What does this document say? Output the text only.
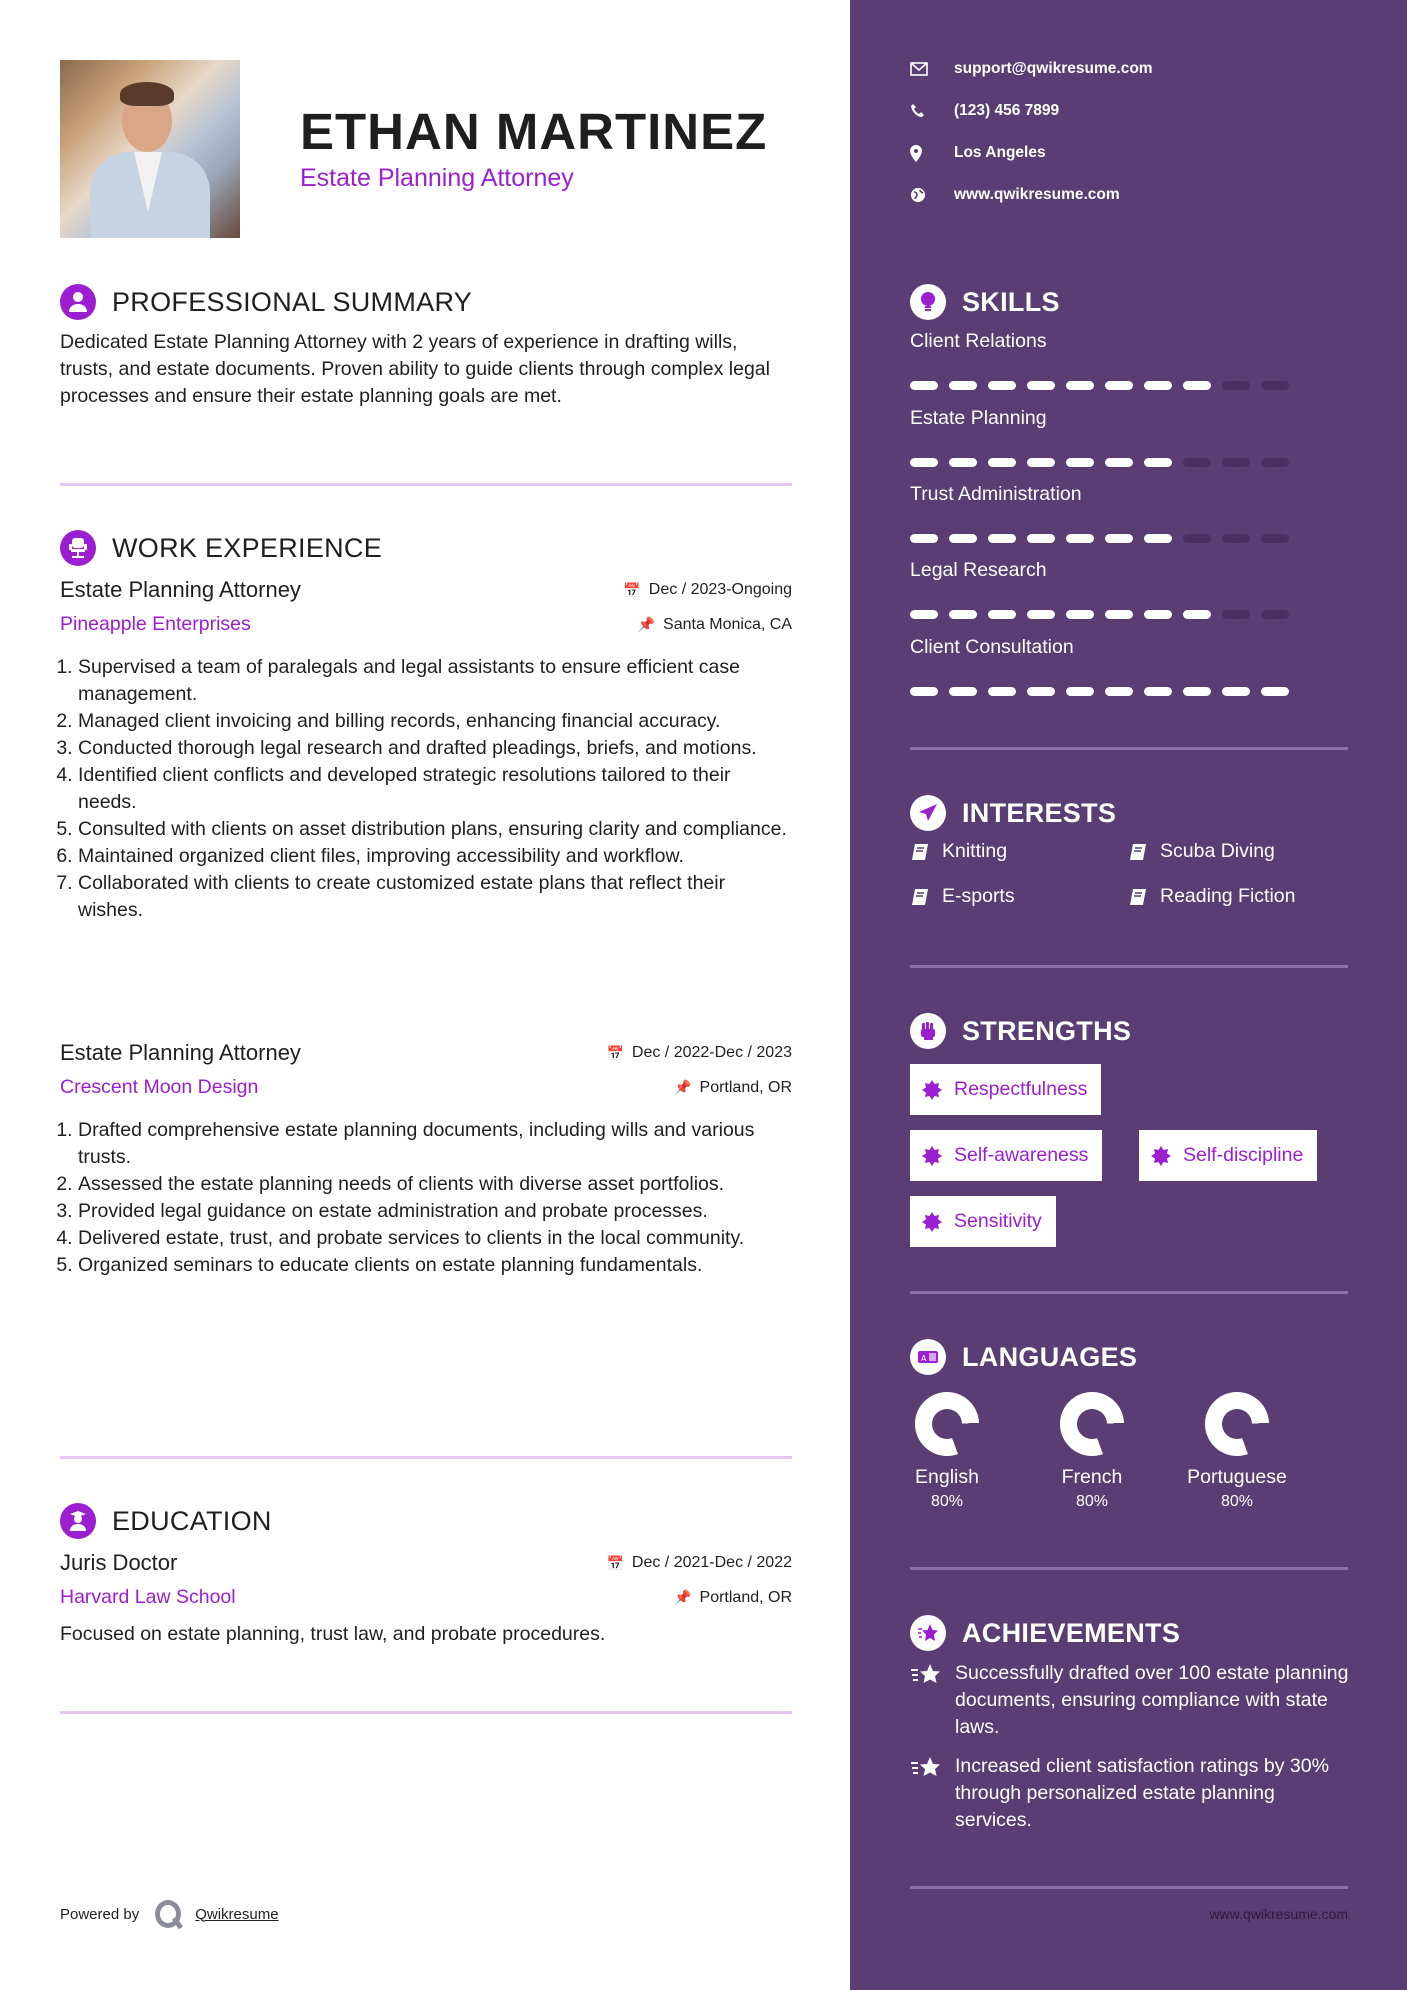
ETHAN MARTINEZ
Estate Planning Attorney
PROFESSIONAL SUMMARY
Dedicated Estate Planning Attorney with 2 years of experience in drafting wills, trusts, and estate documents. Proven ability to guide clients through complex legal processes and ensure their estate planning goals are met.
WORK EXPERIENCE
Estate Planning Attorney	📅 Dec / 2023-Ongoing
Pineapple Enterprises	📌 Santa Monica, CA
1. Supervised a team of paralegals and legal assistants to ensure efficient case management.
2. Managed client invoicing and billing records, enhancing financial accuracy.
3. Conducted thorough legal research and drafted pleadings, briefs, and motions.
4. Identified client conflicts and developed strategic resolutions tailored to their needs.
5. Consulted with clients on asset distribution plans, ensuring clarity and compliance.
6. Maintained organized client files, improving accessibility and workflow.
7. Collaborated with clients to create customized estate plans that reflect their wishes.
Estate Planning Attorney	📅 Dec / 2022-Dec / 2023
Crescent Moon Design	📌 Portland, OR
1. Drafted comprehensive estate planning documents, including wills and various trusts.
2. Assessed the estate planning needs of clients with diverse asset portfolios.
3. Provided legal guidance on estate administration and probate processes.
4. Delivered estate, trust, and probate services to clients in the local community.
5. Organized seminars to educate clients on estate planning fundamentals.
EDUCATION
Juris Doctor	📅 Dec / 2021-Dec / 2022
Harvard Law School	📌 Portland, OR
Focused on estate planning, trust law, and probate procedures.
Powered by	Qwikresume
support@qwikresume.com
(123) 456 7899
Los Angeles
www.qwikresume.com
SKILLS
Client Relations
Estate Planning
Trust Administration
Legal Research
Client Consultation
INTERESTS
Knitting	Scuba Diving
E-sports	Reading Fiction
STRENGTHS
Respectfulness
Self-awareness	Self-discipline
Sensitivity
A LANGUAGES
English
80%
French
80%
Portuguese
80%
ACHIEVEMENTS
Successfully drafted over 100 estate planning documents, ensuring compliance with state laws.
Increased client satisfaction ratings by 30% through personalized estate planning services.
www.qwikresume.com
